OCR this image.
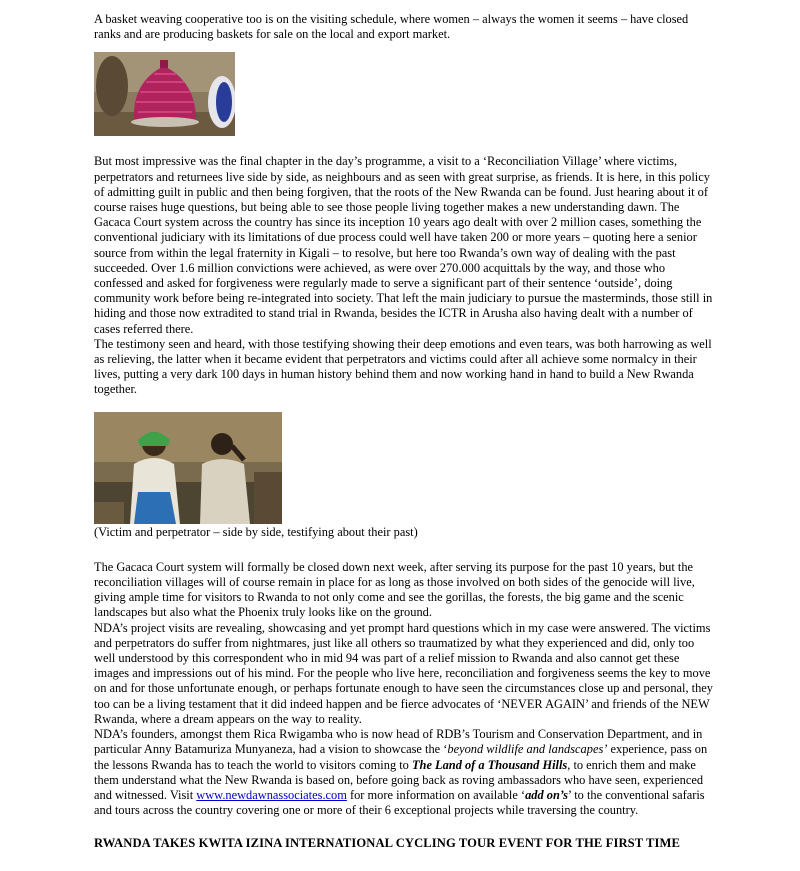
A basket weaving cooperative too is on the visiting schedule, where women – always the women it seems – have closed ranks and are producing baskets for sale on the local and export market.

But most impressive was the final chapter in the day’s programme, a visit to a ‘Reconciliation Village’ where victims, perpetrators and returnees live side by side, as neighbours and as seen with great surprise, as friends. It is here, in this policy of admitting guilt in public and then being forgiven, that the roots of the New Rwanda can be found. Just hearing about it of course raises huge questions, but being able to see those people living together makes a new understanding dawn. The Gacaca Court system across the country has since its inception 10 years ago dealt with over 2 million cases, something the conventional judiciary with its limitations of due process could well have taken 200 or more years – quoting here a senior source from within the legal fraternity in Kigali – to resolve, but here too Rwanda’s own way of dealing with the past succeeded. Over 1.6 million convictions were achieved, as were over 270.000 acquittals by the way, and those who confessed and asked for forgiveness were regularly made to serve a significant part of their sentence ‘outside’, doing community work before being re-integrated into society. That left the main judiciary to pursue the masterminds, those still in hiding and those now extradited to stand trial in Rwanda, besides the ICTR in Arusha also having dealt with a number of cases referred there.

The testimony seen and heard, with those testifying showing their deep emotions and even tears, was both harrowing as well as relieving, the latter when it became evident that perpetrators and victims could after all achieve some normalcy in their lives, putting a very dark 100 days in human history behind them and now working hand in hand to build a New Rwanda together.

(Victim and perpetrator – side by side, testifying about their past)

The Gacaca Court system will formally be closed down next week, after serving its purpose for the past 10 years, but the reconciliation villages will of course remain in place for as long as those involved on both sides of the genocide will live, giving ample time for visitors to Rwanda to not only come and see the gorillas, the forests, the big game and the scenic landscapes but also what the Phoenix truly looks like on the ground.

NDA’s project visits are revealing, showcasing and yet prompt hard questions which in my case were answered. The victims and perpetrators do suffer from nightmares, just like all others so traumatized by what they experienced and did, only too well understood by this correspondent who in mid 94 was part of a relief mission to Rwanda and also cannot get these images and impressions out of his mind. For the people who live here, reconciliation and forgiveness seems the key to move on and for those unfortunate enough, or perhaps fortunate enough to have seen the circumstances close up and personal, they too can be a living testament that it did indeed happen and be fierce advocates of ‘NEVER AGAIN’ and friends of the NEW Rwanda, where a dream appears on the way to reality.

NDA’s founders, amongst them Rica Rwigamba who is now head of RDB’s Tourism and Conservation Department, and in particular Anny Batamuriza Munyaneza, had a vision to showcase the ‘beyond wildlife and landscapes’ experience, pass on the lessons Rwanda has to teach the world to visitors coming to The Land of a Thousand Hills, to enrich them and make them understand what the New Rwanda is based on, before going back as roving ambassadors who have seen, experienced and witnessed. Visit www.newdawnassociates.com for more information on available ‘add on’s’ to the conventional safaris and tours across the country covering one or more of their 6 exceptional projects while traversing the country.

RWANDA TAKES KWITA IZINA INTERNATIONAL CYCLING TOUR EVENT FOR THE FIRST TIME
